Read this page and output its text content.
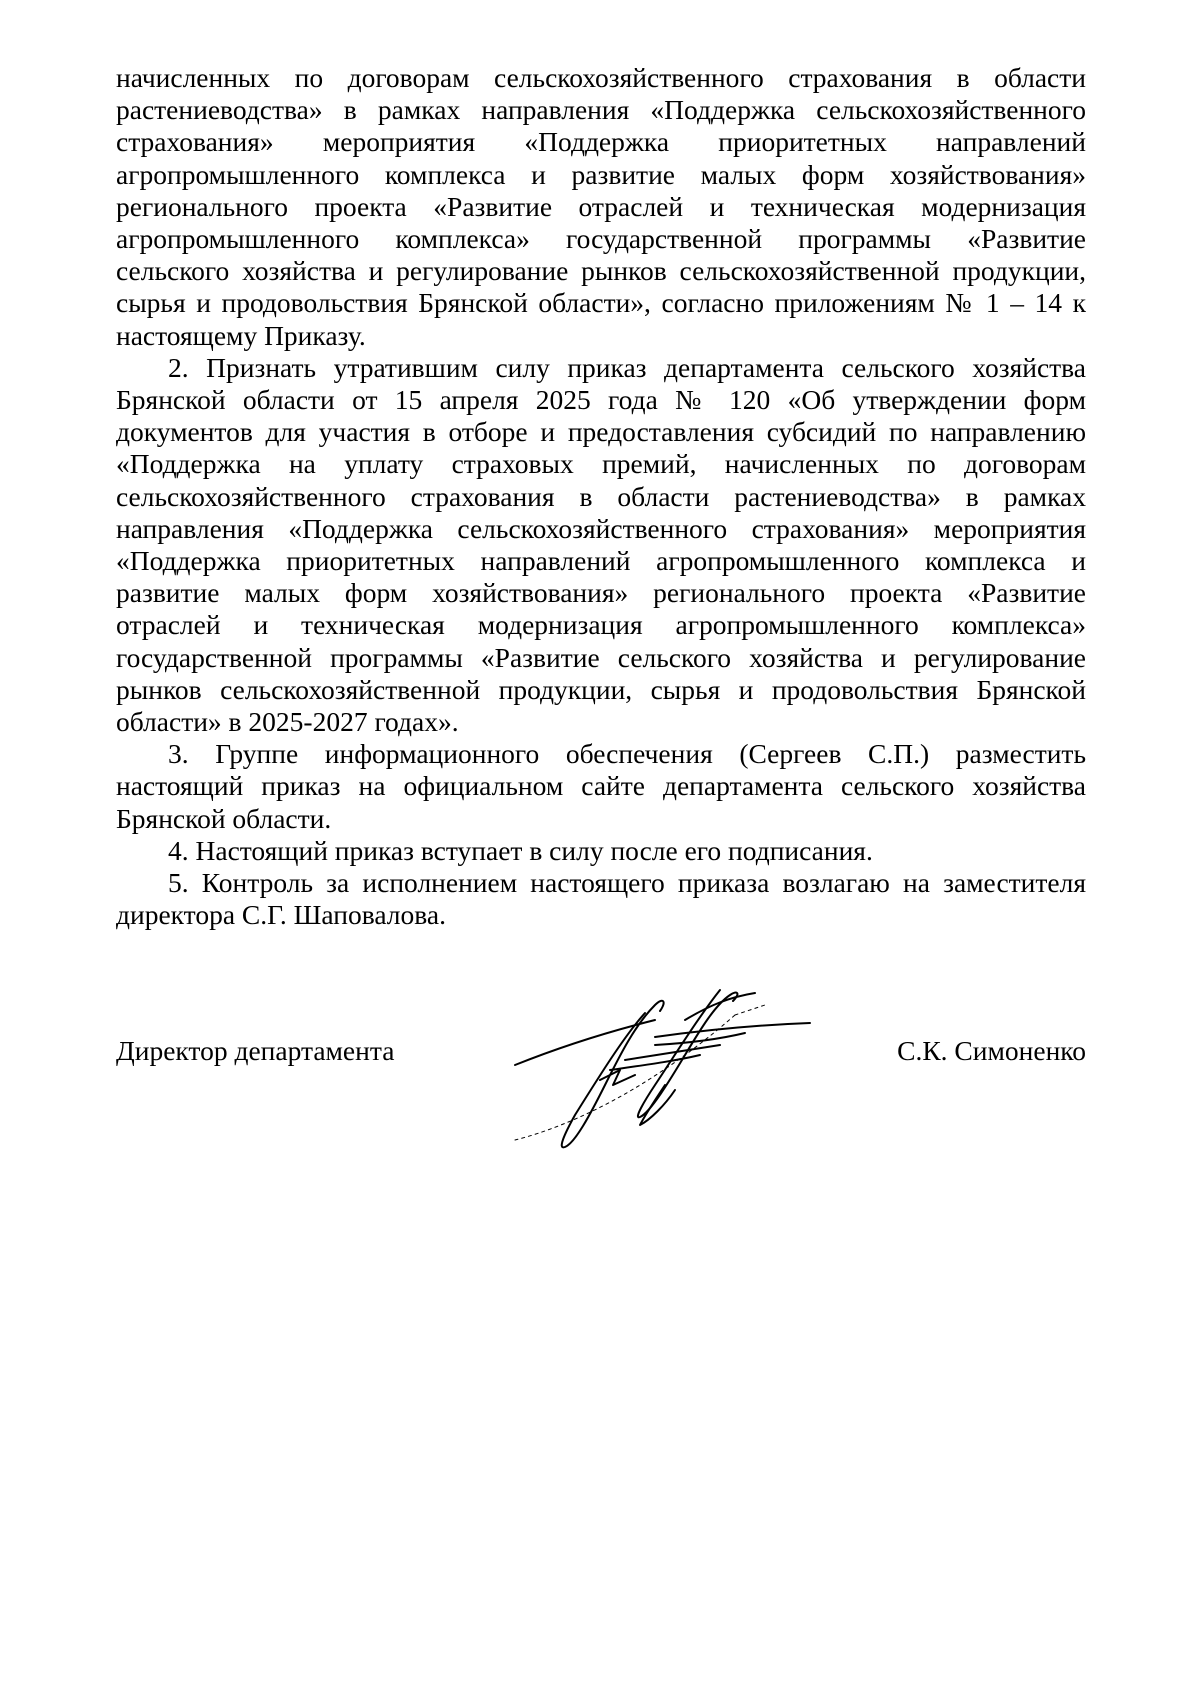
начисленных по договорам сельскохозяйственного страхования в области растениеводства» в рамках направления «Поддержка сельскохозяйственного страхования» мероприятия «Поддержка приоритетных направлений агропромышленного комплекса и развитие малых форм хозяйствования» регионального проекта «Развитие отраслей и техническая модернизация агропромышленного комплекса» государственной программы «Развитие сельского хозяйства и регулирование рынков сельскохозяйственной продукции, сырья и продовольствия Брянской области», согласно приложениям № 1 – 14 к настоящему Приказу.

2. Признать утратившим силу приказ департамента сельского хозяйства Брянской области от 15 апреля 2025 года № 120 «Об утверждении форм документов для участия в отборе и предоставления субсидий по направлению «Поддержка на уплату страховых премий, начисленных по договорам сельскохозяйственного страхования в области растениеводства» в рамках направления «Поддержка сельскохозяйственного страхования» мероприятия «Поддержка приоритетных направлений агропромышленного комплекса и развитие малых форм хозяйствования» регионального проекта «Развитие отраслей и техническая модернизация агропромышленного комплекса» государственной программы «Развитие сельского хозяйства и регулирование рынков сельскохозяйственной продукции, сырья и продовольствия Брянской области» в 2025-2027 годах».

3. Группе информационного обеспечения (Сергеев С.П.) разместить настоящий приказ на официальном сайте департамента сельского хозяйства Брянской области.

4. Настоящий приказ вступает в силу после его подписания.

5. Контроль за исполнением настоящего приказа возлагаю на заместителя директора С.Г. Шаповалова.

Директор департамента	С.К. Симоненко
